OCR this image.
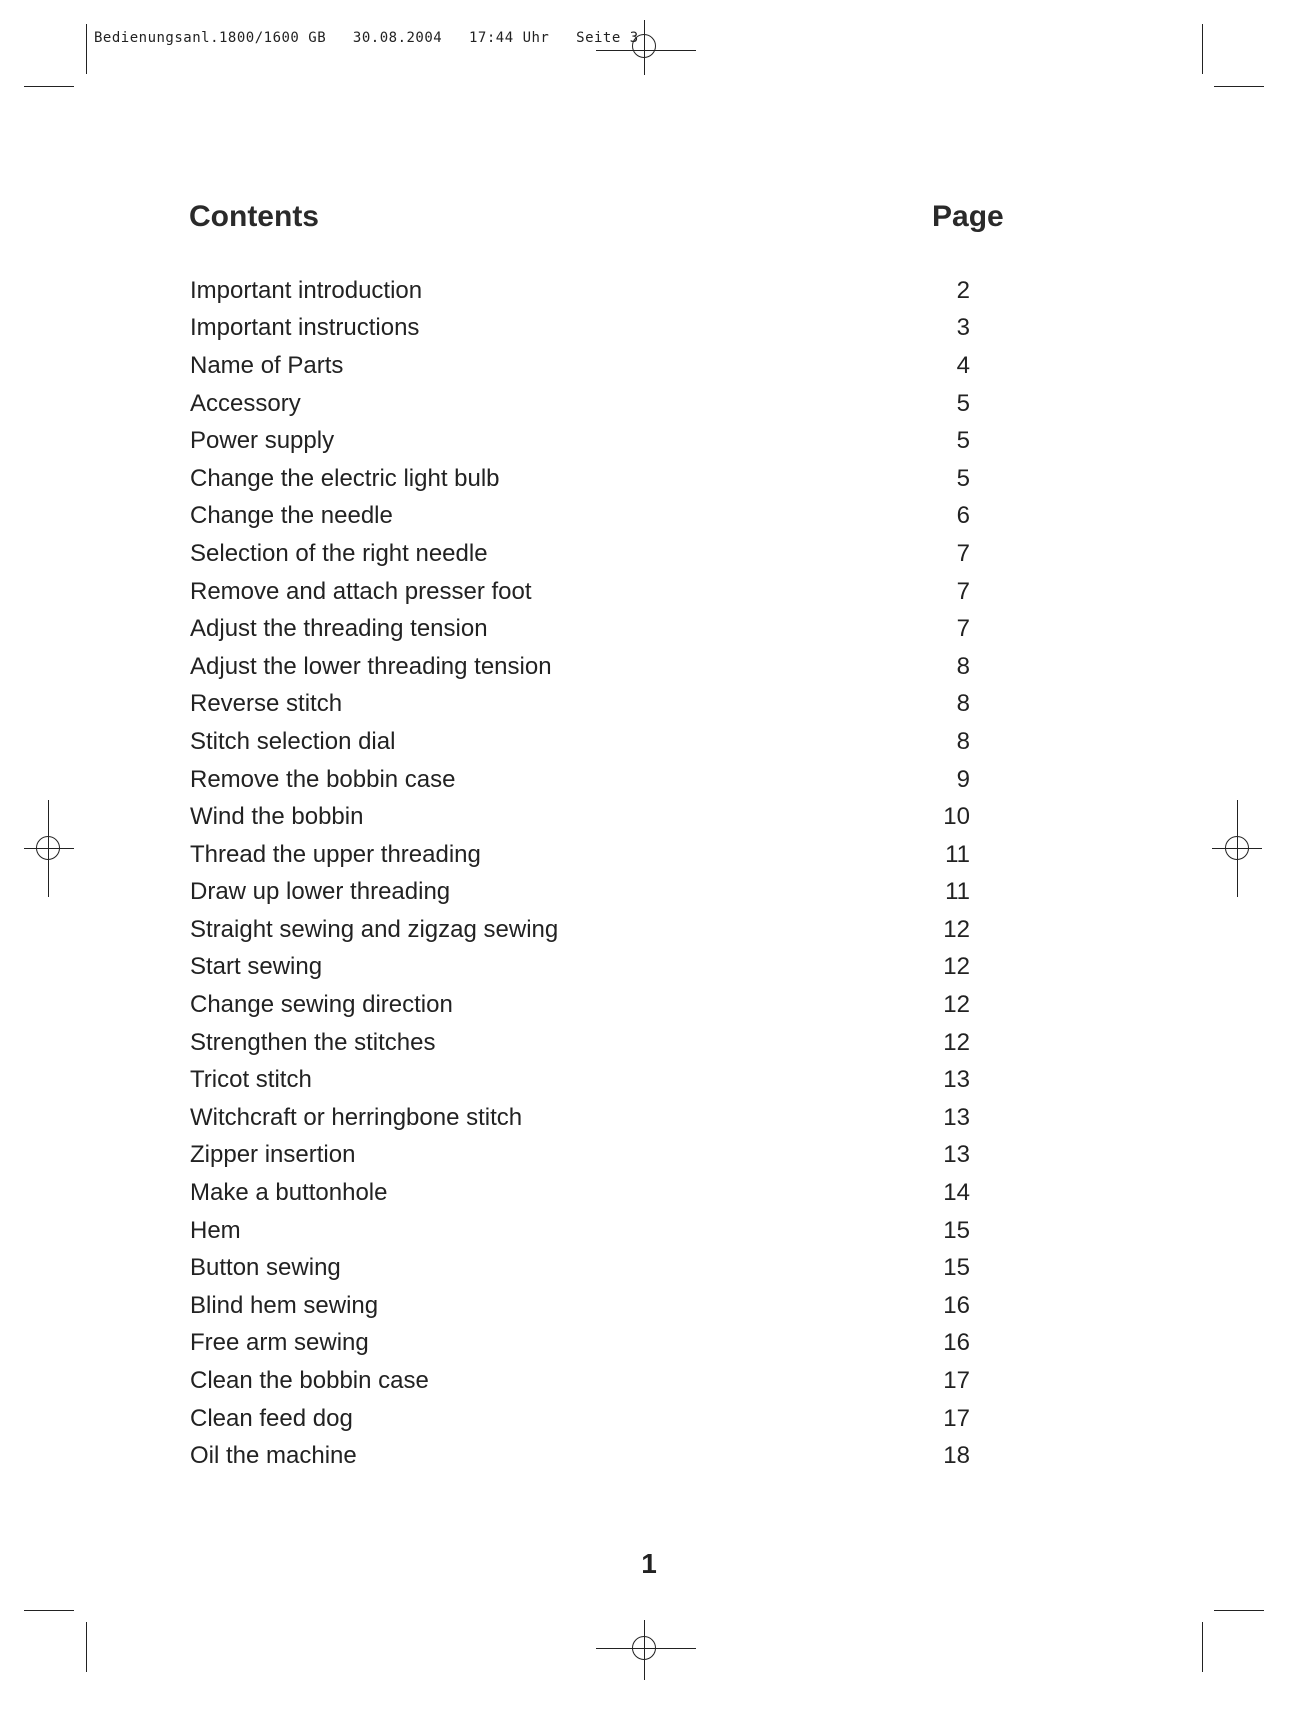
Bedienungsanl.1800/1600 GB   30.08.2004   17:44 Uhr   Seite 3
Contents	Page
Important introduction	2
Important instructions	3
Name of Parts	4
Accessory	5
Power supply	5
Change the electric light bulb	5
Change the needle	6
Selection of the right needle	7
Remove and attach presser foot	7
Adjust the threading tension	7
Adjust the lower threading tension	8
Reverse stitch	8
Stitch selection dial	8
Remove the bobbin case	9
Wind the bobbin	10
Thread the upper threading	11
Draw up lower threading	11
Straight sewing and zigzag sewing	12
Start sewing	12
Change sewing direction	12
Strengthen the stitches	12
Tricot stitch	13
Witchcraft or herringbone stitch	13
Zipper insertion	13
Make a buttonhole	14
Hem	15
Button sewing	15
Blind hem sewing	16
Free arm sewing	16
Clean the bobbin case	17
Clean feed dog	17
Oil the machine	18
1
